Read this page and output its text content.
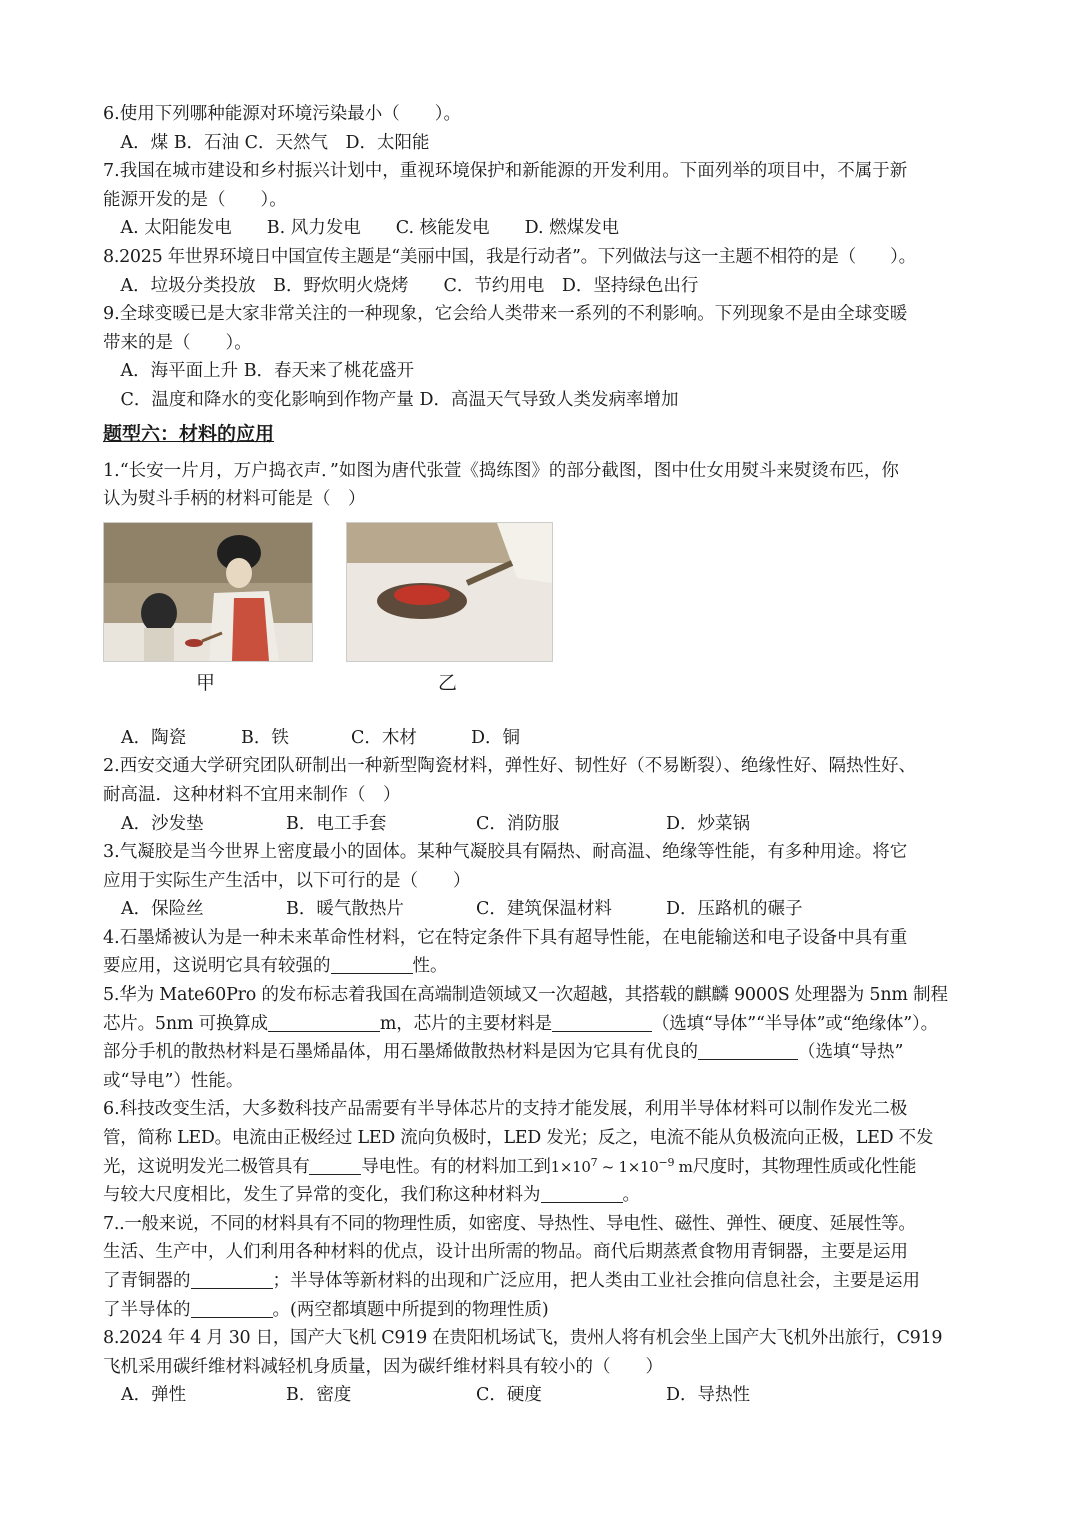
6.使用下列哪种能源对环境污染最小（　　）。
　A．煤 B．石油 C．天然气　D．太阳能
7.我国在城市建设和乡村振兴计划中，重视环境保护和新能源的开发利用。下面列举的项目中，不属于新
能源开发的是（　　）。
　A. 太阳能发电　　B. 风力发电　　C. 核能发电　　D. 燃煤发电
8.2025 年世界环境日中国宣传主题是“美丽中国，我是行动者”。下列做法与这一主题不相符的是（　　）。
　A．垃圾分类投放　B．野炊明火烧烤　　C．节约用电　D．坚持绿色出行
9.全球变暖已是大家非常关注的一种现象，它会给人类带来一系列的不利影响。下列现象不是由全球变暖
带来的是（　　）。
　A．海平面上升 B．春天来了桃花盛开
　C．温度和降水的变化影响到作物产量 D．高温天气导致人类发病率增加
题型六：材料的应用
1.“长安一片月，万户捣衣声．”如图为唐代张萱《捣练图》的部分截图，图中仕女用熨斗来熨烫布匹，你
认为熨斗手柄的材料可能是（　）
甲	乙
A．陶瓷	B．铁	C．木材	D．铜
2.西安交通大学研究团队研制出一种新型陶瓷材料，弹性好、韧性好（不易断裂）、绝缘性好、隔热性好、
耐高温．这种材料不宜用来制作（　）
A．沙发垫	B．电工手套	C．消防服	D．炒菜锅
3.气凝胶是当今世界上密度最小的固体。某种气凝胶具有隔热、耐高温、绝缘等性能，有多种用途。将它
应用于实际生产生活中，以下可行的是（　　）
A．保险丝	B．暖气散热片	C．建筑保温材料	D．压路机的碾子
4.石墨烯被认为是一种未来革命性材料，它在特定条件下具有超导性能，在电能输送和电子设备中具有重
要应用，这说明它具有较强的	性。
5.华为 Mate60Pro 的发布标志着我国在高端制造领域又一次超越，其搭载的麒麟 9000S 处理器为 5nm 制程
芯片。5nm 可换算成	m，芯片的主要材料是	（选填“导体”“半导体”或“绝缘体”）。
部分手机的散热材料是石墨烯晶体，用石墨烯做散热材料是因为它具有优良的	（选填“导热”
或“导电”）性能。
6.科技改变生活，大多数科技产品需要有半导体芯片的支持才能发展，利用半导体材料可以制作发光二极
管，简称 LED。电流由正极经过 LED 流向负极时，LED 发光；反之，电流不能从负极流向正极，LED 不发
光，这说明发光二极管具有	导电性。有的材料加工到$1\times 10^7$ ~ $1\times 10^{-9}$ m尺度时，其物理性质或化性能
与较大尺度相比，发生了异常的变化，我们称这种材料为	。
7..一般来说，不同的材料具有不同的物理性质，如密度、导热性、导电性、磁性、弹性、硬度、延展性等。
生活、生产中，人们利用各种材料的优点，设计出所需的物品。商代后期蒸煮食物用青铜器，主要是运用
了青铜器的	；半导体等新材料的出现和广泛应用，把人类由工业社会推向信息社会，主要是运用
了半导体的	。(两空都填题中所提到的物理性质)
8.2024 年 4 月 30 日，国产大飞机 C919 在贵阳机场试飞，贵州人将有机会坐上国产大飞机外出旅行，C919
飞机采用碳纤维材料减轻机身质量，因为碳纤维材料具有较小的（　　）
A．弹性	B．密度	C．硬度	D．导热性
